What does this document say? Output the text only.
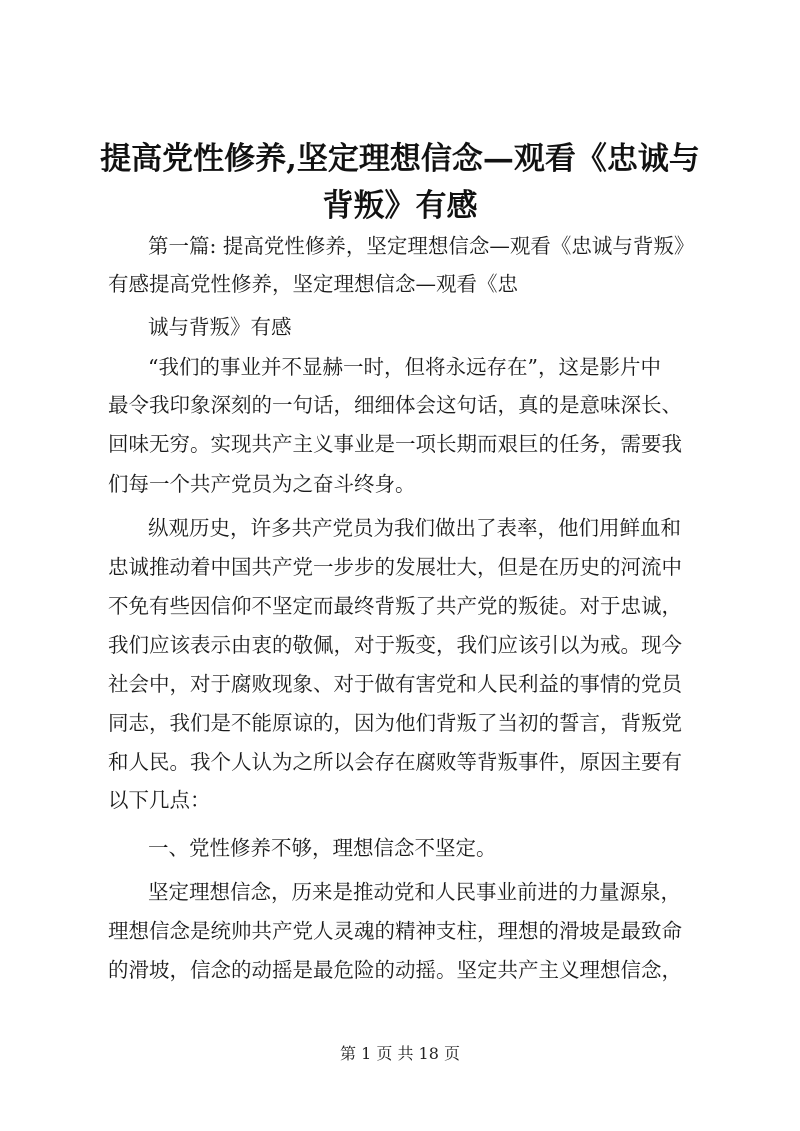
提高党性修养,坚定理想信念—观看《忠诚与
背叛》有感
第一篇: 提高党性修养，坚定理想信念—观看《忠诚与背叛》
有感提高党性修养，坚定理想信念—观看《忠
诚与背叛》有感
“我们的事业并不显赫一时，但将永远存在”，这是影片中
最令我印象深刻的一句话，细细体会这句话，真的是意味深长、
回味无穷。实现共产主义事业是一项长期而艰巨的任务，需要我
们每一个共产党员为之奋斗终身。
纵观历史，许多共产党员为我们做出了表率，他们用鲜血和
忠诚推动着中国共产党一步步的发展壮大，但是在历史的河流中
不免有些因信仰不坚定而最终背叛了共产党的叛徒。对于忠诚，
我们应该表示由衷的敬佩，对于叛变，我们应该引以为戒。现今
社会中，对于腐败现象、对于做有害党和人民利益的事情的党员
同志，我们是不能原谅的，因为他们背叛了当初的誓言，背叛党
和人民。我个人认为之所以会存在腐败等背叛事件，原因主要有
以下几点：
一、党性修养不够，理想信念不坚定。
坚定理想信念，历来是推动党和人民事业前进的力量源泉，
理想信念是统帅共产党人灵魂的精神支柱，理想的滑坡是最致命
的滑坡，信念的动摇是最危险的动摇。坚定共产主义理想信念，
第 1 页 共 18 页
